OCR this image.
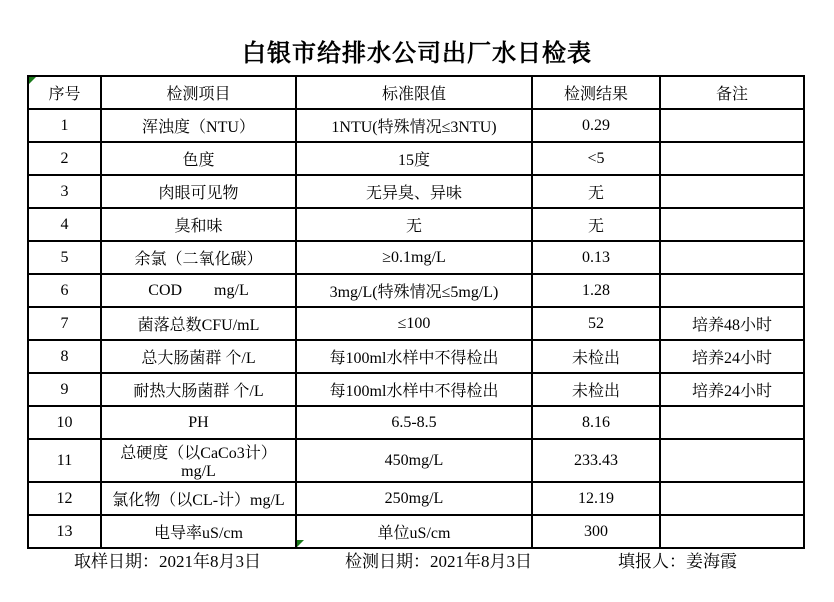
白银市给排水公司出厂水日检表
序号	检测项目	标准限值	检测结果	备注
1	浑浊度（NTU）	1NTU(特殊情况≤3NTU)	0.29	
2	色度	15度	<5	
3	肉眼可见物	无异臭、异味	无	
4	臭和味	无	无	
5	余氯（二氧化碳）	≥0.1mg/L	0.13	
6	COD        mg/L	3mg/L(特殊情况≤5mg/L)	1.28	
7	菌落总数CFU/mL	≤100	52	培养48小时
8	总大肠菌群 个/L	每100ml水样中不得检出	未检出	培养24小时
9	耐热大肠菌群 个/L	每100ml水样中不得检出	未检出	培养24小时
10	PH	6.5-8.5	8.16	
11	总硬度（以CaCo3计）mg/L	450mg/L	233.43	
12	氯化物（以CL-计）mg/L	250mg/L	12.19	
13	电导率uS/cm	单位uS/cm	300	
取样日期：2021年8月3日	检测日期：2021年8月3日	填报人：姜海霞
